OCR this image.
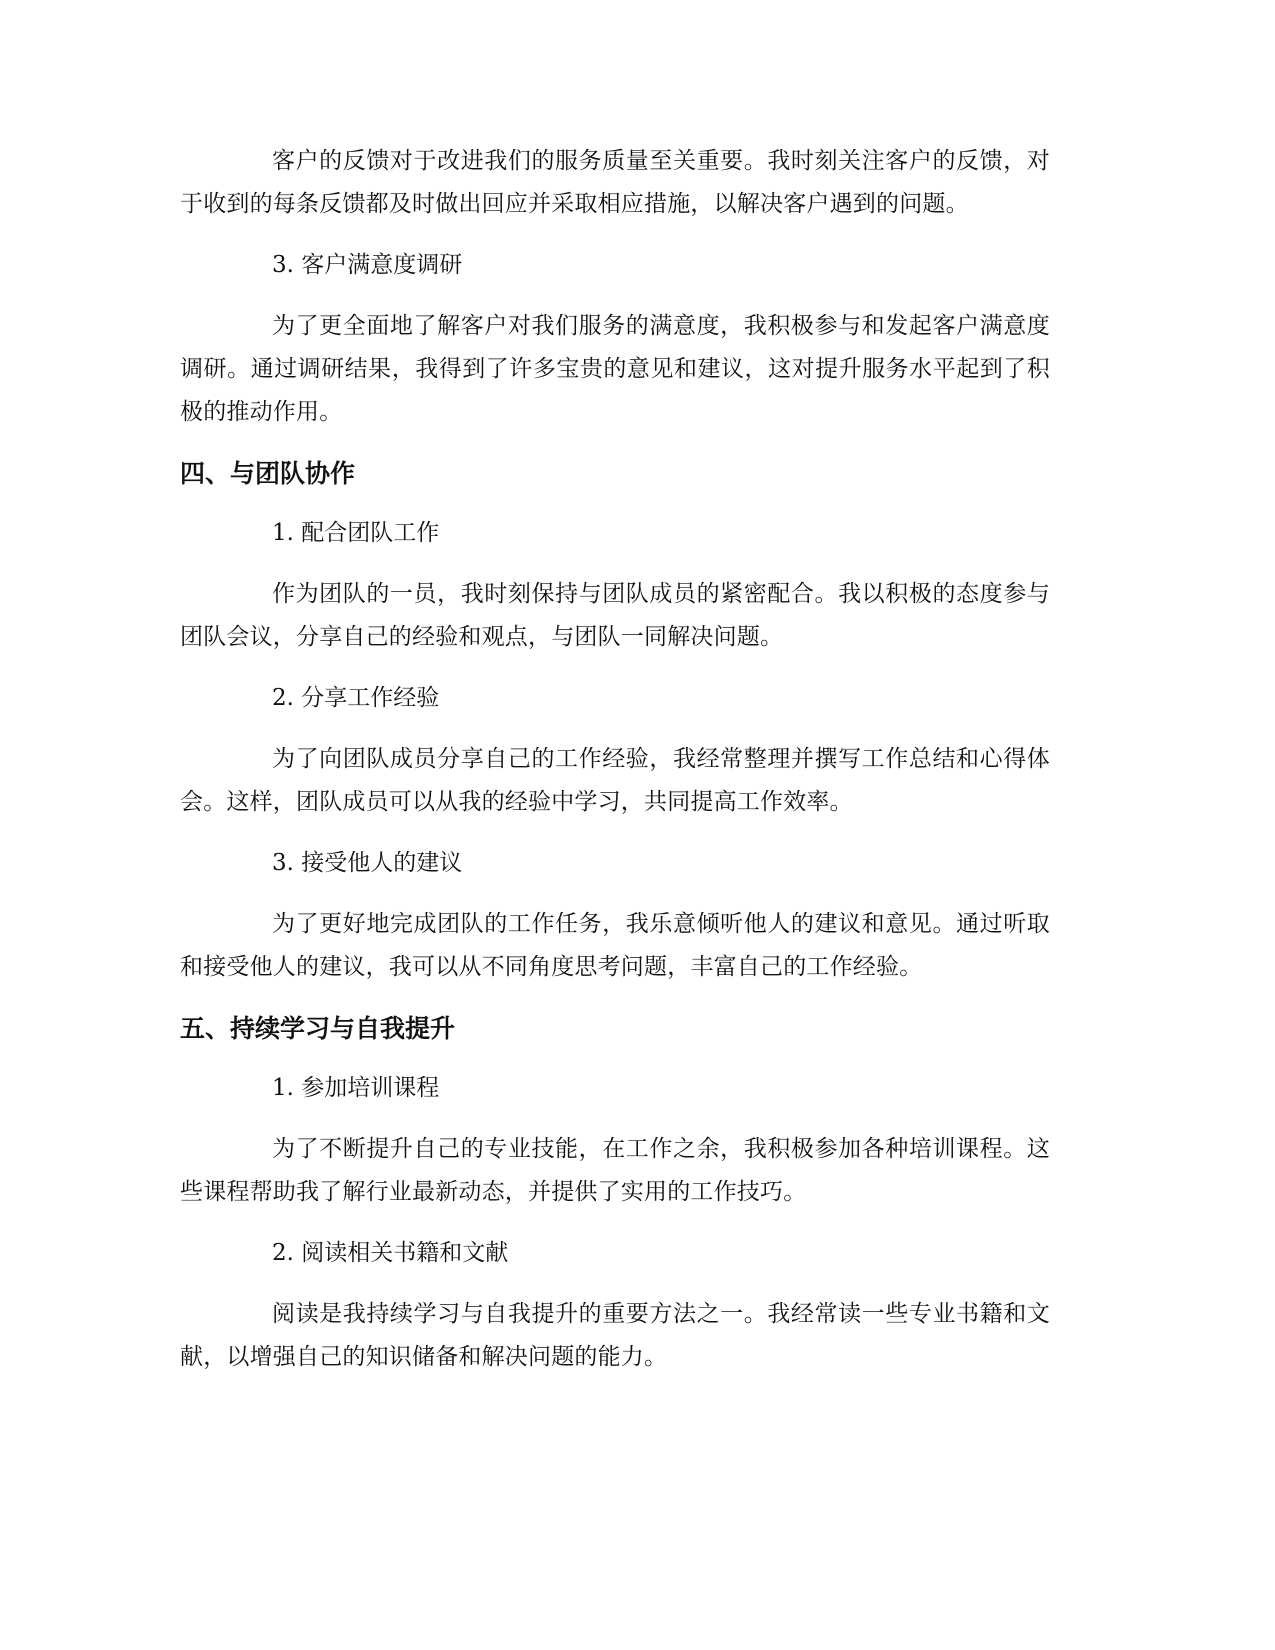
客户的反馈对于改进我们的服务质量至关重要。我时刻关注客户的反馈，对于收到的每条反馈都及时做出回应并采取相应措施，以解决客户遇到的问题。

3. 客户满意度调研

为了更全面地了解客户对我们服务的满意度，我积极参与和发起客户满意度调研。通过调研结果，我得到了许多宝贵的意见和建议，这对提升服务水平起到了积极的推动作用。

四、与团队协作

1. 配合团队工作

作为团队的一员，我时刻保持与团队成员的紧密配合。我以积极的态度参与团队会议，分享自己的经验和观点，与团队一同解决问题。

2. 分享工作经验

为了向团队成员分享自己的工作经验，我经常整理并撰写工作总结和心得体会。这样，团队成员可以从我的经验中学习，共同提高工作效率。

3. 接受他人的建议

为了更好地完成团队的工作任务，我乐意倾听他人的建议和意见。通过听取和接受他人的建议，我可以从不同角度思考问题，丰富自己的工作经验。

五、持续学习与自我提升

1. 参加培训课程

为了不断提升自己的专业技能，在工作之余，我积极参加各种培训课程。这些课程帮助我了解行业最新动态，并提供了实用的工作技巧。

2. 阅读相关书籍和文献

阅读是我持续学习与自我提升的重要方法之一。我经常读一些专业书籍和文献，以增强自己的知识储备和解决问题的能力。
